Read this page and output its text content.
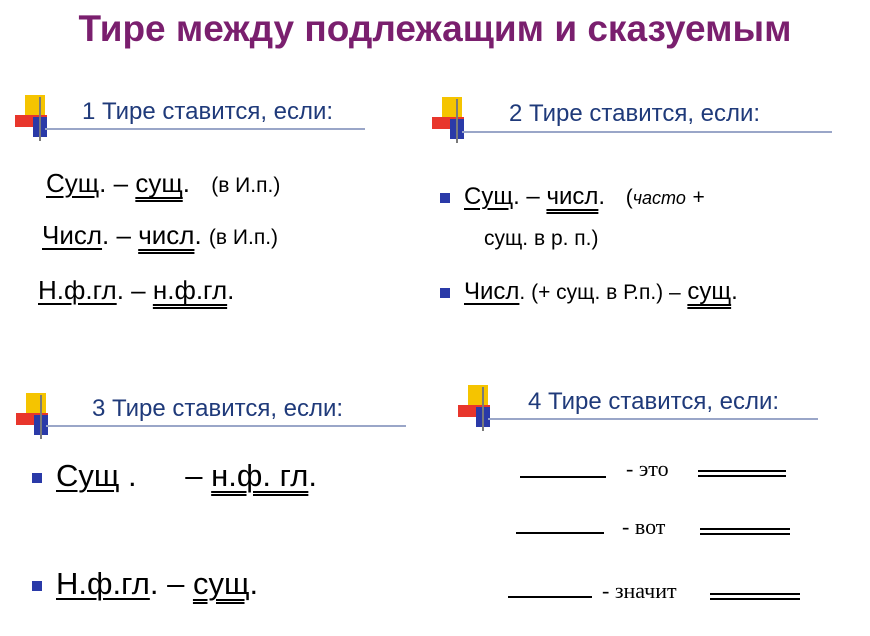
Тире между подлежащим и сказуемым
1 Тире ставится, если:
Сущ. – сущ. (в И.п.)
Числ. – числ. (в И.п.)
Н.ф.гл. – н.ф.гл.
2 Тире ставится, если:
Сущ. – числ. (часто +
сущ. в р. п.)
Числ. (+ сущ. в Р.п.) – сущ.
3 Тире ставится, если:
Сущ . – н.ф. гл.
Н.ф.гл. – сущ.
4 Тире ставится, если:
- это
- вот
- значит
